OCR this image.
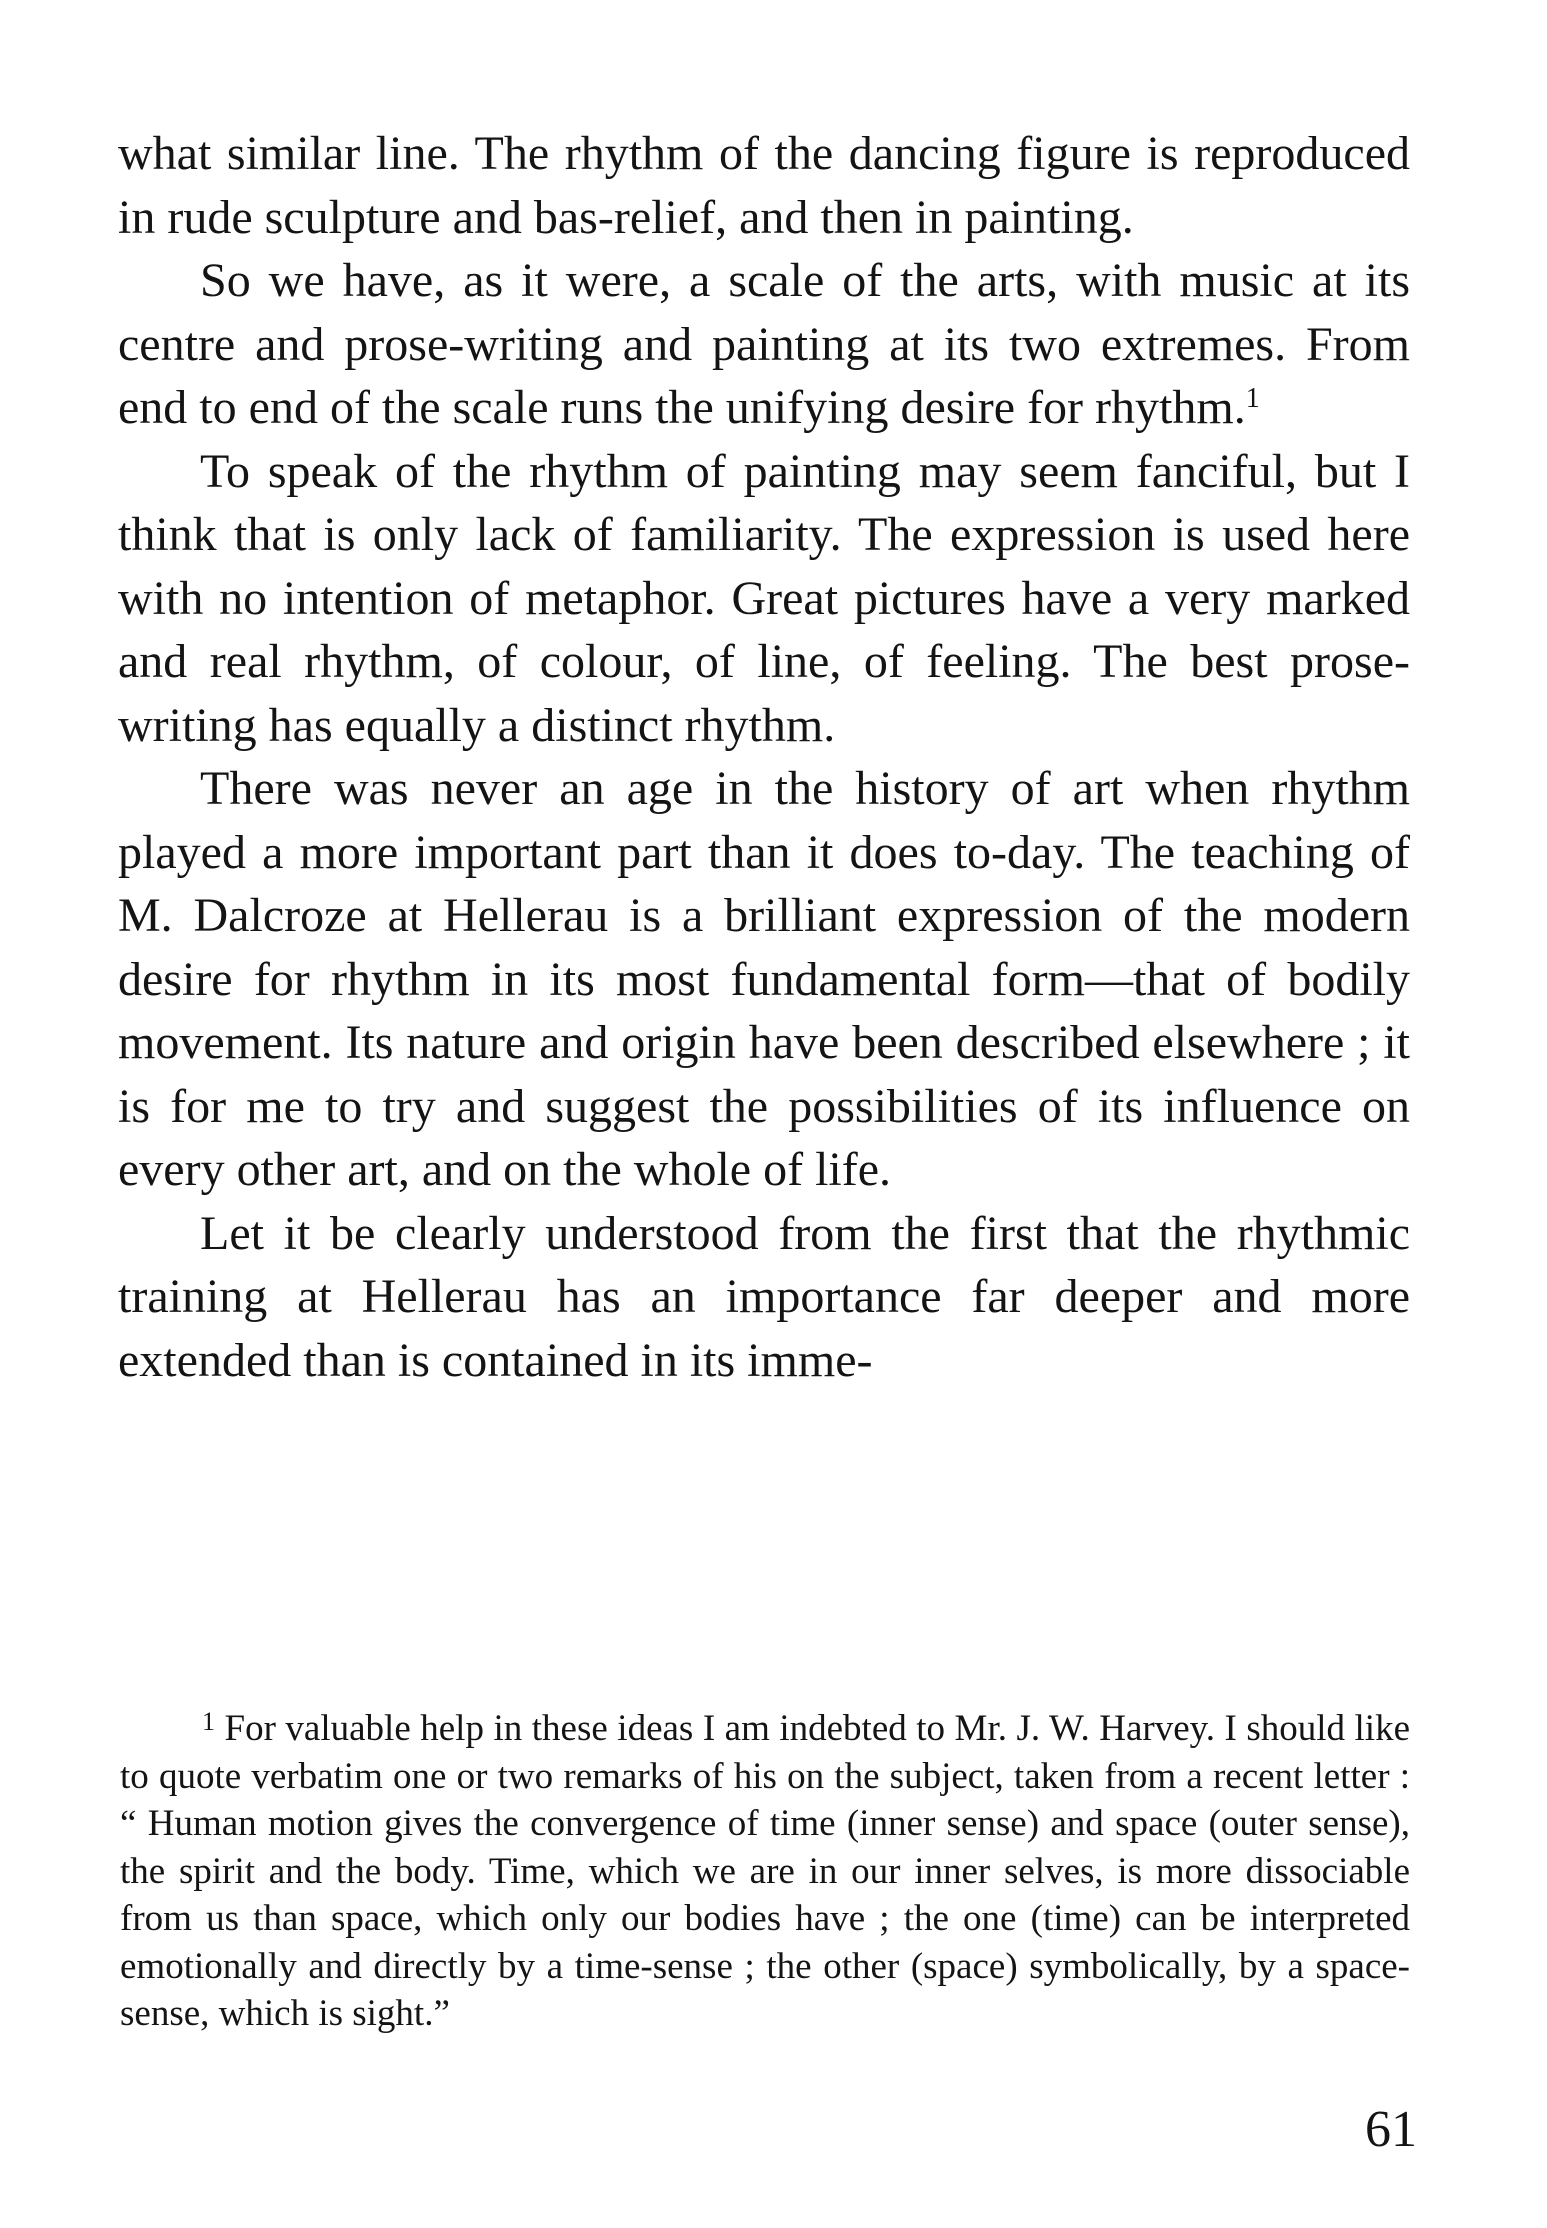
what similar line. The rhythm of the dancing figure is reproduced in rude sculpture and bas-relief, and then in painting.

So we have, as it were, a scale of the arts, with music at its centre and prose-writing and painting at its two extremes. From end to end of the scale runs the unifying desire for rhythm.$^1$

To speak of the rhythm of painting may seem fanciful, but I think that is only lack of familiarity. The expression is used here with no intention of metaphor. Great pictures have a very marked and real rhythm, of colour, of line, of feeling. The best prose-writing has equally a distinct rhythm.

There was never an age in the history of art when rhythm played a more important part than it does to-day. The teaching of M. Dalcroze at Hellerau is a brilliant expression of the modern desire for rhythm in its most fundamental form—that of bodily movement. Its nature and origin have been described elsewhere ; it is for me to try and suggest the possibilities of its influence on every other art, and on the whole of life.

Let it be clearly understood from the first that the rhythmic training at Hellerau has an importance far deeper and more extended than is contained in its imme-

$^1$ For valuable help in these ideas I am indebted to Mr. J. W. Harvey. I should like to quote verbatim one or two remarks of his on the subject, taken from a recent letter : “ Human motion gives the convergence of time (inner sense) and space (outer sense), the spirit and the body. Time, which we are in our inner selves, is more dissociable from us than space, which only our bodies have ; the one (time) can be interpreted emotionally and directly by a time-sense ; the other (space) symbolically, by a space-sense, which is sight.”

61
